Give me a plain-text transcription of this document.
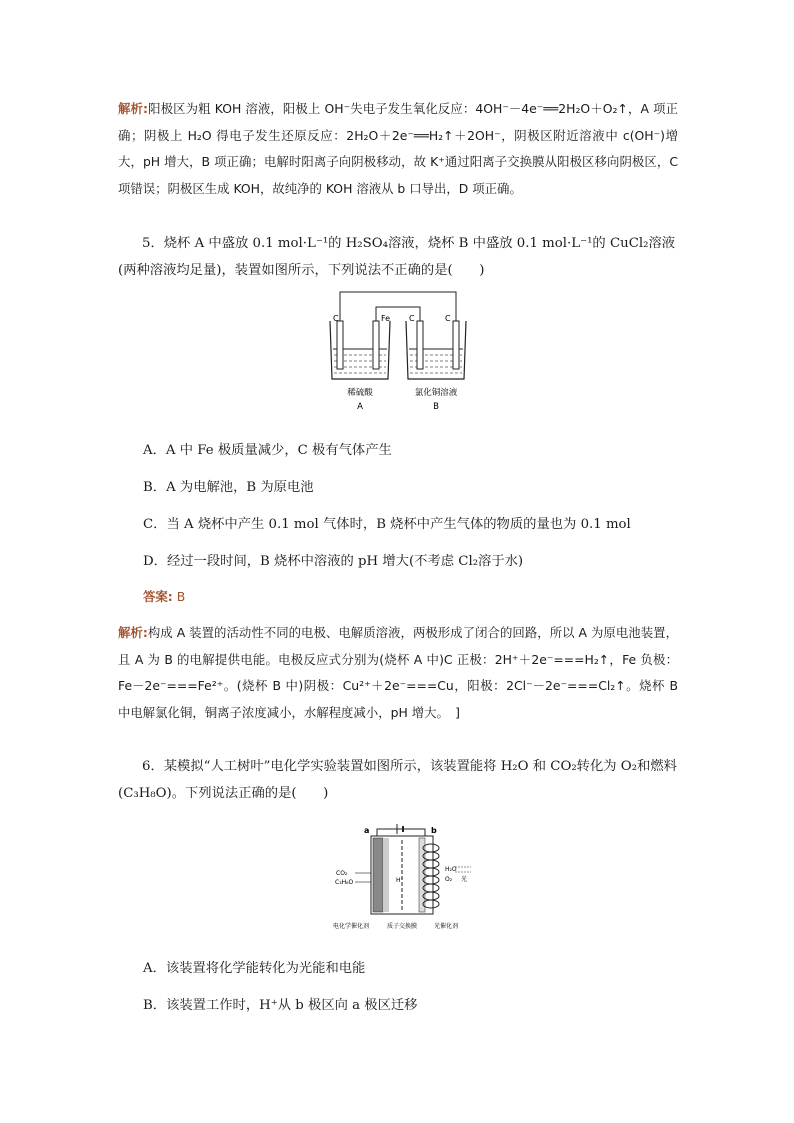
解析:阳极区为粗 KOH 溶液，阳极上 OH⁻失电子发生氧化反应：4OH⁻－4e⁻══2H₂O＋O₂↑，A 项正确；阴极上 H₂O 得电子发生还原反应：2H₂O＋2e⁻══H₂↑＋2OH⁻，阴极区附近溶液中 c(OH⁻)增大，pH 增大，B 项正确；电解时阳离子向阴极移动，故 K⁺通过阳离子交换膜从阳极区移向阴极区，C 项错误；阴极区生成 KOH，故纯净的 KOH 溶液从 b 口导出，D 项正确。
5．烧杯 A 中盛放 0.1 mol·L⁻¹的 H₂SO₄溶液，烧杯 B 中盛放 0.1 mol·L⁻¹的 CuCl₂溶液(两种溶液均足量)，装置如图所示，下列说法不正确的是(　　)
C	Fe C	C
稀硫酸
A
氯化铜溶液
B
A．A 中 Fe 极质量减少，C 极有气体产生
B．A 为电解池，B 为原电池
C．当 A 烧杯中产生 0.1 mol 气体时，B 烧杯中产生气体的物质的量也为 0.1 mol
D．经过一段时间，B 烧杯中溶液的 pH 增大(不考虑 Cl₂溶于水)
答案: B
解析:构成 A 装置的活动性不同的电极、电解质溶液，两极形成了闭合的回路，所以 A 为原电池装置，且 A 为 B 的电解提供电能。电极反应式分别为(烧杯 A 中)C 正极：2H⁺＋2e⁻===H₂↑，Fe 负极：Fe－2e⁻===Fe²⁺。(烧杯 B 中)阴极：Cu²⁺＋2e⁻===Cu，阳极：2Cl⁻－2e⁻===Cl₂↑。烧杯 B 中电解氯化铜，铜离子浓度减小，水解程度减小，pH 增大。　]
6．某模拟“人工树叶”电化学实验装置如图所示，该装置能将 H₂O 和 CO₂转化为 O₂和燃料(C₃H₈O)。下列说法正确的是(　　)
a	b
H⁺
CO₂
C₃H₈O
H₂O
O₂ 光
电化学催化剂	质子交换膜	光催化剂
A．该装置将化学能转化为光能和电能
B．该装置工作时，H⁺从 b 极区向 a 极区迁移
